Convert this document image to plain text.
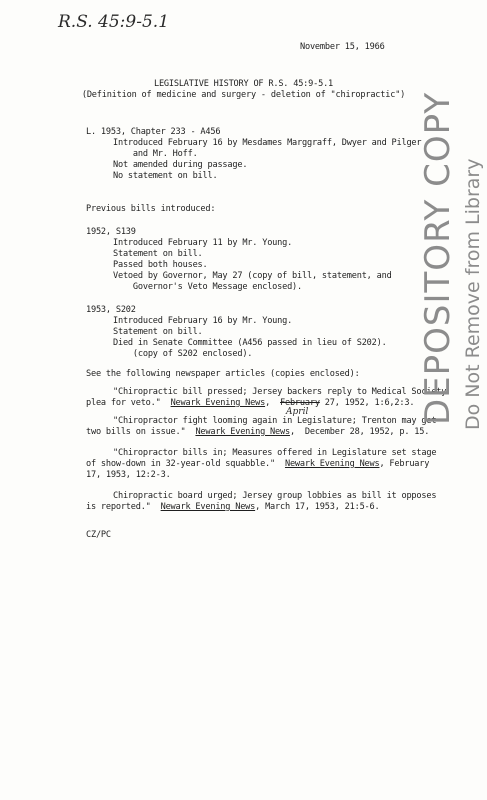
R.S. 45:9-5.1
November 15, 1966
LEGISLATIVE HISTORY OF R.S. 45:9-5.1
(Definition of medicine and surgery - deletion of "chiropractic")
L. 1953, Chapter 233 - A456
Introduced February 16 by Mesdames Marggraff, Dwyer and Pilger
and Mr. Hoff.
Not amended during passage.
No statement on bill.
Previous bills introduced:
1952, S139
Introduced February 11 by Mr. Young.
Statement on bill.
Passed both houses.
Vetoed by Governor, May 27 (copy of bill, statement, and
Governor's Veto Message enclosed).
1953, S202
Introduced February 16 by Mr. Young.
Statement on bill.
Died in Senate Committee (A456 passed in lieu of S202).
(copy of S202 enclosed).
See the following newspaper articles (copies enclosed):
"Chiropractic bill pressed; Jersey backers reply to Medical Society
plea for veto."  Newark Evening News,  February 27, 1952, 1:6,2:3.
April
"Chiropractor fight looming again in Legislature; Trenton may get
two bills on issue."  Newark Evening News,  December 28, 1952, p. 15.
"Chiropractor bills in; Measures offered in Legislature set stage
of show-down in 32-year-old squabble."  Newark Evening News, February
17, 1953, 12:2-3.
Chiropractic board urged; Jersey group lobbies as bill it opposes
is reported."  Newark Evening News, March 17, 1953, 21:5-6.
CZ/PC
DEPOSITORY COPY Do Not Remove from Library
